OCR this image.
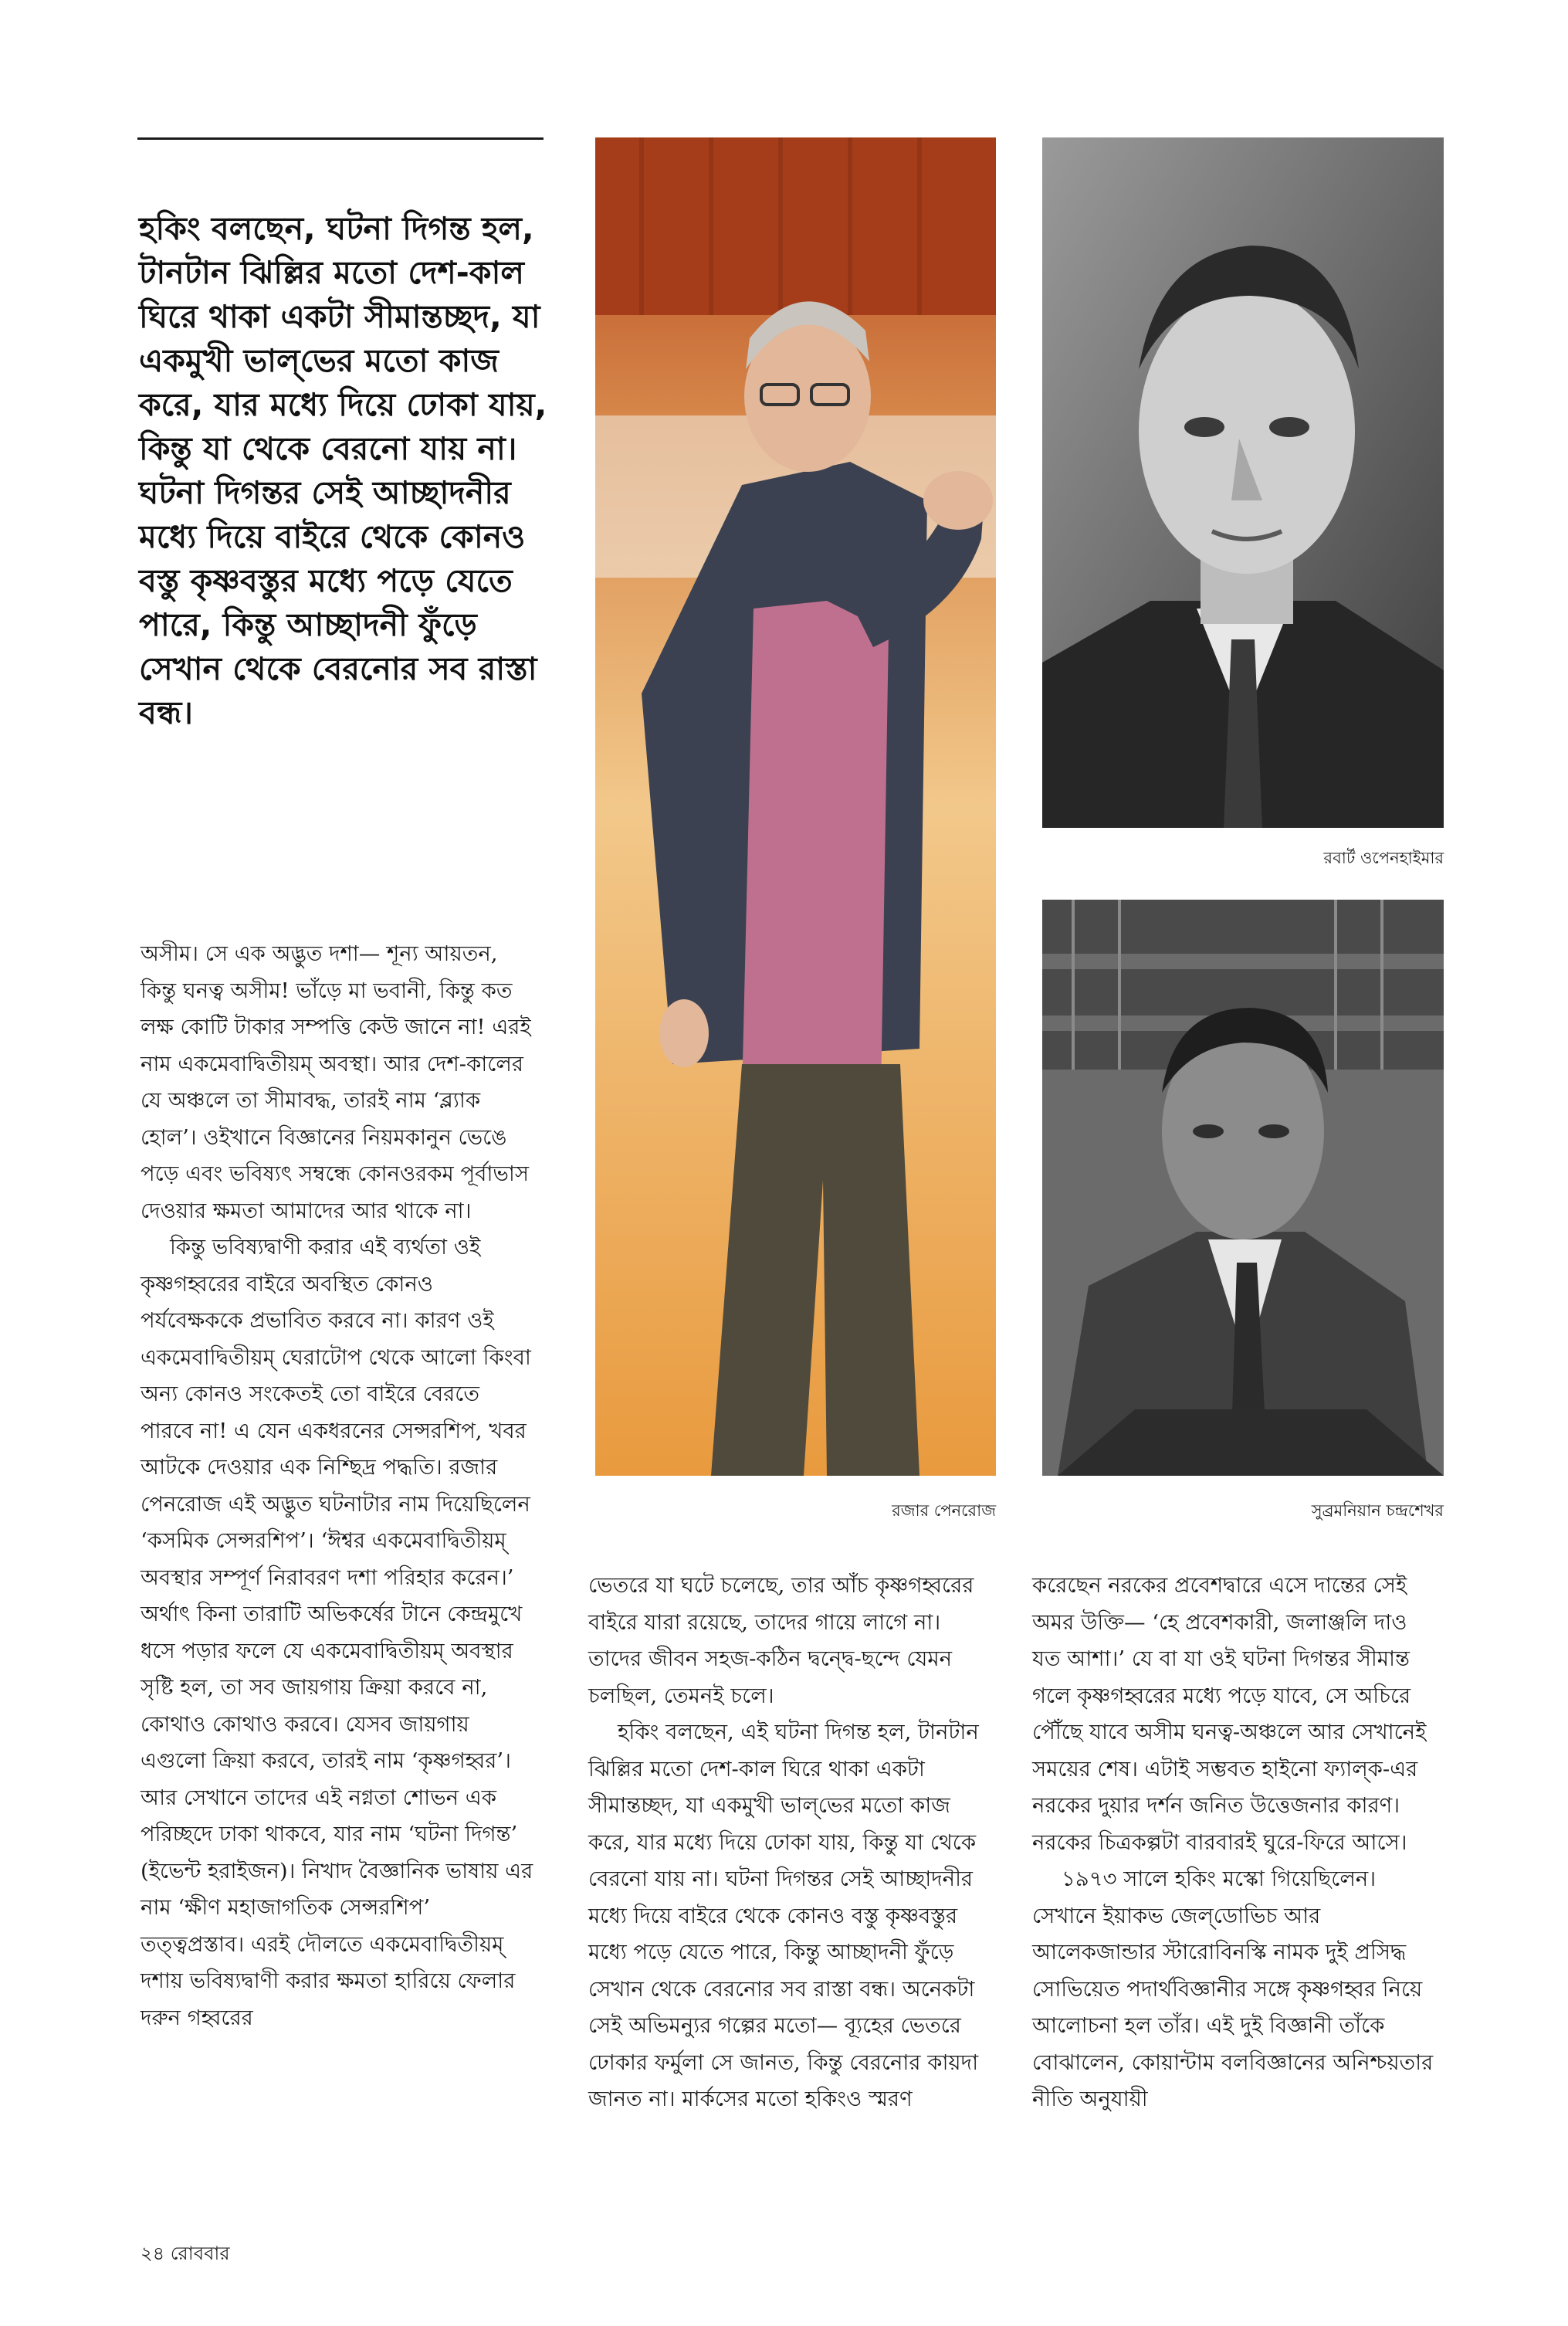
হকিং বলছেন, ঘটনা দিগন্ত হল, টানটান ঝিল্লির মতো দেশ-কাল ঘিরে থাকা একটা সীমান্তচ্ছদ, যা একমুখী ভাল্‌ভের মতো কাজ করে, যার মধ্যে দিয়ে ঢোকা যায়, কিন্তু যা থেকে বেরনো যায় না। ঘটনা দিগন্তর সেই আচ্ছাদনীর মধ্যে দিয়ে বাইরে থেকে কোনও বস্তু কৃষ্ণবস্তুর মধ্যে পড়ে যেতে পারে, কিন্তু আচ্ছাদনী ফুঁড়ে সেখান থেকে বেরনোর সব রাস্তা বন্ধ।
রজার পেনরোজ
রবার্ট ওপেনহাইমার
সুব্রমনিয়ান চন্দ্রশেখর

অসীম। সে এক অদ্ভুত দশা— শূন্য আয়তন, কিন্তু ঘনত্ব অসীম! ভাঁড়ে মা ভবানী, কিন্তু কত লক্ষ কোটি টাকার সম্পত্তি কেউ জানে না! এরই নাম একমেবাদ্বিতীয়ম্ অবস্থা। আর দেশ-কালের যে অঞ্চলে তা সীমাবদ্ধ, তারই নাম ‘ব্ল্যাক হোল’। ওইখানে বিজ্ঞানের নিয়মকানুন ভেঙে পড়ে এবং ভবিষ্যৎ সম্বন্ধে কোনওরকম পূর্বাভাস দেওয়ার ক্ষমতা আমাদের আর থাকে না।

কিন্তু ভবিষ্যদ্বাণী করার এই ব্যর্থতা ওই কৃষ্ণগহ্বরের বাইরে অবস্থিত কোনও পর্যবেক্ষককে প্রভাবিত করবে না। কারণ ওই একমেবাদ্বিতীয়ম্ ঘেরাটোপ থেকে আলো কিংবা অন্য কোনও সংকেতই তো বাইরে বেরতে পারবে না! এ যেন একধরনের সেন্সরশিপ, খবর আটকে দেওয়ার এক নিশ্ছিদ্র পদ্ধতি। রজার পেনরোজ এই অদ্ভুত ঘটনাটার নাম দিয়েছিলেন ‘কসমিক সেন্সরশিপ’। ‘ঈশ্বর একমেবাদ্বিতীয়ম্ অবস্থার সম্পূর্ণ নিরাবরণ দশা পরিহার করেন।’ অর্থাৎ কিনা তারাটি অভিকর্ষের টানে কেন্দ্রমুখে ধসে পড়ার ফলে যে একমেবাদ্বিতীয়ম্ অবস্থার সৃষ্টি হল, তা সব জায়গায় ক্রিয়া করবে না, কোথাও কোথাও করবে। যেসব জায়গায় এগুলো ক্রিয়া করবে, তারই নাম ‘কৃষ্ণগহ্বর’। আর সেখানে তাদের এই নগ্নতা শোভন এক পরিচ্ছদে ঢাকা থাকবে, যার নাম ‘ঘটনা দিগন্ত’ (ইভেন্ট হরাইজন)। নিখাদ বৈজ্ঞানিক ভাষায় এর নাম ‘ক্ষীণ মহাজাগতিক সেন্সরশিপ’ তত্ত্বপ্রস্তাব। এরই দৌলতে একমেবাদ্বিতীয়ম্ দশায় ভবিষ্যদ্বাণী করার ক্ষমতা হারিয়ে ফেলার দরুন গহ্বরের

ভেতরে যা ঘটে চলেছে, তার আঁচ কৃষ্ণগহ্বরের বাইরে যারা রয়েছে, তাদের গায়ে লাগে না। তাদের জীবন সহজ-কঠিন দ্বন্দ্বে-ছন্দে যেমন চলছিল, তেমনই চলে।

হকিং বলছেন, এই ঘটনা দিগন্ত হল, টানটান ঝিল্লির মতো দেশ-কাল ঘিরে থাকা একটা সীমান্তচ্ছদ, যা একমুখী ভাল্‌ভের মতো কাজ করে, যার মধ্যে দিয়ে ঢোকা যায়, কিন্তু যা থেকে বেরনো যায় না। ঘটনা দিগন্তর সেই আচ্ছাদনীর মধ্যে দিয়ে বাইরে থেকে কোনও বস্তু কৃষ্ণবস্তুর মধ্যে পড়ে যেতে পারে, কিন্তু আচ্ছাদনী ফুঁড়ে সেখান থেকে বেরনোর সব রাস্তা বন্ধ। অনেকটা সেই অভিমন্যুর গল্পের মতো— ব্যূহের ভেতরে ঢোকার ফর্মুলা সে জানত, কিন্তু বেরনোর কায়দা জানত না। মার্কসের মতো হকিংও স্মরণ

করেছেন নরকের প্রবেশদ্বারে এসে দান্তের সেই অমর উক্তি— ‘হে প্রবেশকারী, জলাঞ্জলি দাও যত আশা।’ যে বা যা ওই ঘটনা দিগন্তর সীমান্ত গলে কৃষ্ণগহ্বরের মধ্যে পড়ে যাবে, সে অচিরে পৌঁছে যাবে অসীম ঘনত্ব-অঞ্চলে আর সেখানেই সময়ের শেষ। এটাই সম্ভবত হাইনো ফ্যাল্‌ক-এর নরকের দুয়ার দর্শন জনিত উত্তেজনার কারণ। নরকের চিত্রকল্পটা বারবারই ঘুরে-ফিরে আসে।

১৯৭৩ সালে হকিং মস্কো গিয়েছিলেন। সেখানে ইয়াকভ জেল্‌ডোভিচ আর আলেকজান্ডার স্টারোবিনস্কি নামক দুই প্রসিদ্ধ সোভিয়েত পদার্থবিজ্ঞানীর সঙ্গে কৃষ্ণগহ্বর নিয়ে আলোচনা হল তাঁর। এই দুই বিজ্ঞানী তাঁকে বোঝালেন, কোয়ান্টাম বলবিজ্ঞানের অনিশ্চয়তার নীতি অনুযায়ী

২৪ রোববার
